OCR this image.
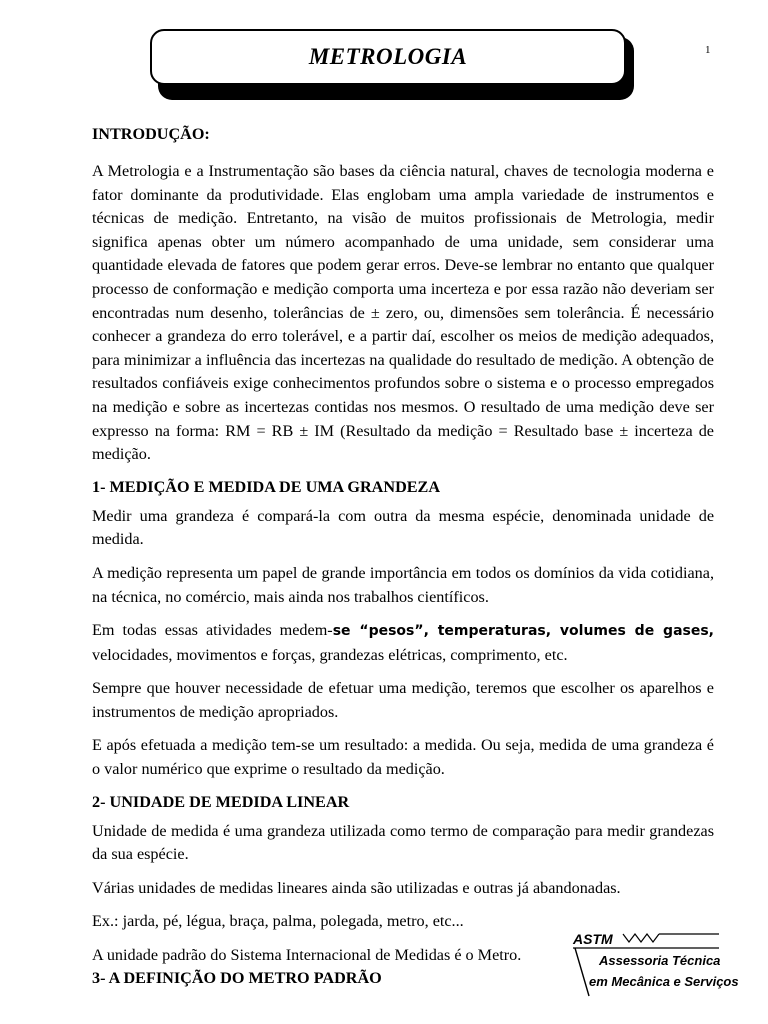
METROLOGIA	1
INTRODUÇÃO:

A Metrologia e a Instrumentação são bases da ciência natural, chaves de tecnologia moderna e fator dominante da produtividade. Elas englobam uma ampla variedade de instrumentos e técnicas de medição. Entretanto, na visão de muitos profissionais de Metrologia, medir significa apenas obter um número acompanhado de uma unidade, sem considerar uma quantidade elevada de fatores que podem gerar erros. Deve-se lembrar no entanto que qualquer processo de conformação e medição comporta uma incerteza e por essa razão não deveriam ser encontradas num desenho, tolerâncias de ± zero, ou, dimensões sem tolerância. É necessário conhecer a grandeza do erro tolerável, e a partir daí, escolher os meios de medição adequados, para minimizar a influência das incertezas na qualidade do resultado de medição. A obtenção de resultados confiáveis exige conhecimentos profundos sobre o sistema e o processo empregados na medição e sobre as incertezas contidas nos mesmos. O resultado de uma medição deve ser expresso na forma: RM = RB ± IM (Resultado da medição = Resultado base ± incerteza de medição.

1- MEDIÇÃO E MEDIDA DE UMA GRANDEZA

Medir uma grandeza é compará-la com outra da mesma espécie, denominada unidade de medida.

A medição representa um papel de grande importância em todos os domínios da vida cotidiana, na técnica, no comércio, mais ainda nos trabalhos científicos.

Em todas essas atividades medem-se “pesos”, temperaturas, volumes de gases, velocidades, movimentos e forças, grandezas elétricas, comprimento, etc.

Sempre que houver necessidade de efetuar uma medição, teremos que escolher os aparelhos e instrumentos de medição apropriados.

E após efetuada a medição tem-se um resultado: a medida. Ou seja, medida de uma grandeza é o valor numérico que exprime o resultado da medição.

2- UNIDADE DE MEDIDA LINEAR

Unidade de medida é uma grandeza utilizada como termo de comparação para medir grandezas da sua espécie.

Várias unidades de medidas lineares ainda são utilizadas e outras já abandonadas.

Ex.: jarda, pé, légua, braça, palma, polegada, metro, etc...

A unidade padrão do Sistema Internacional de Medidas é o Metro.

3- A DEFINIÇÃO DO METRO PADRÃO
ASTM
Assessoria Técnica
em Mecânica e Serviços
